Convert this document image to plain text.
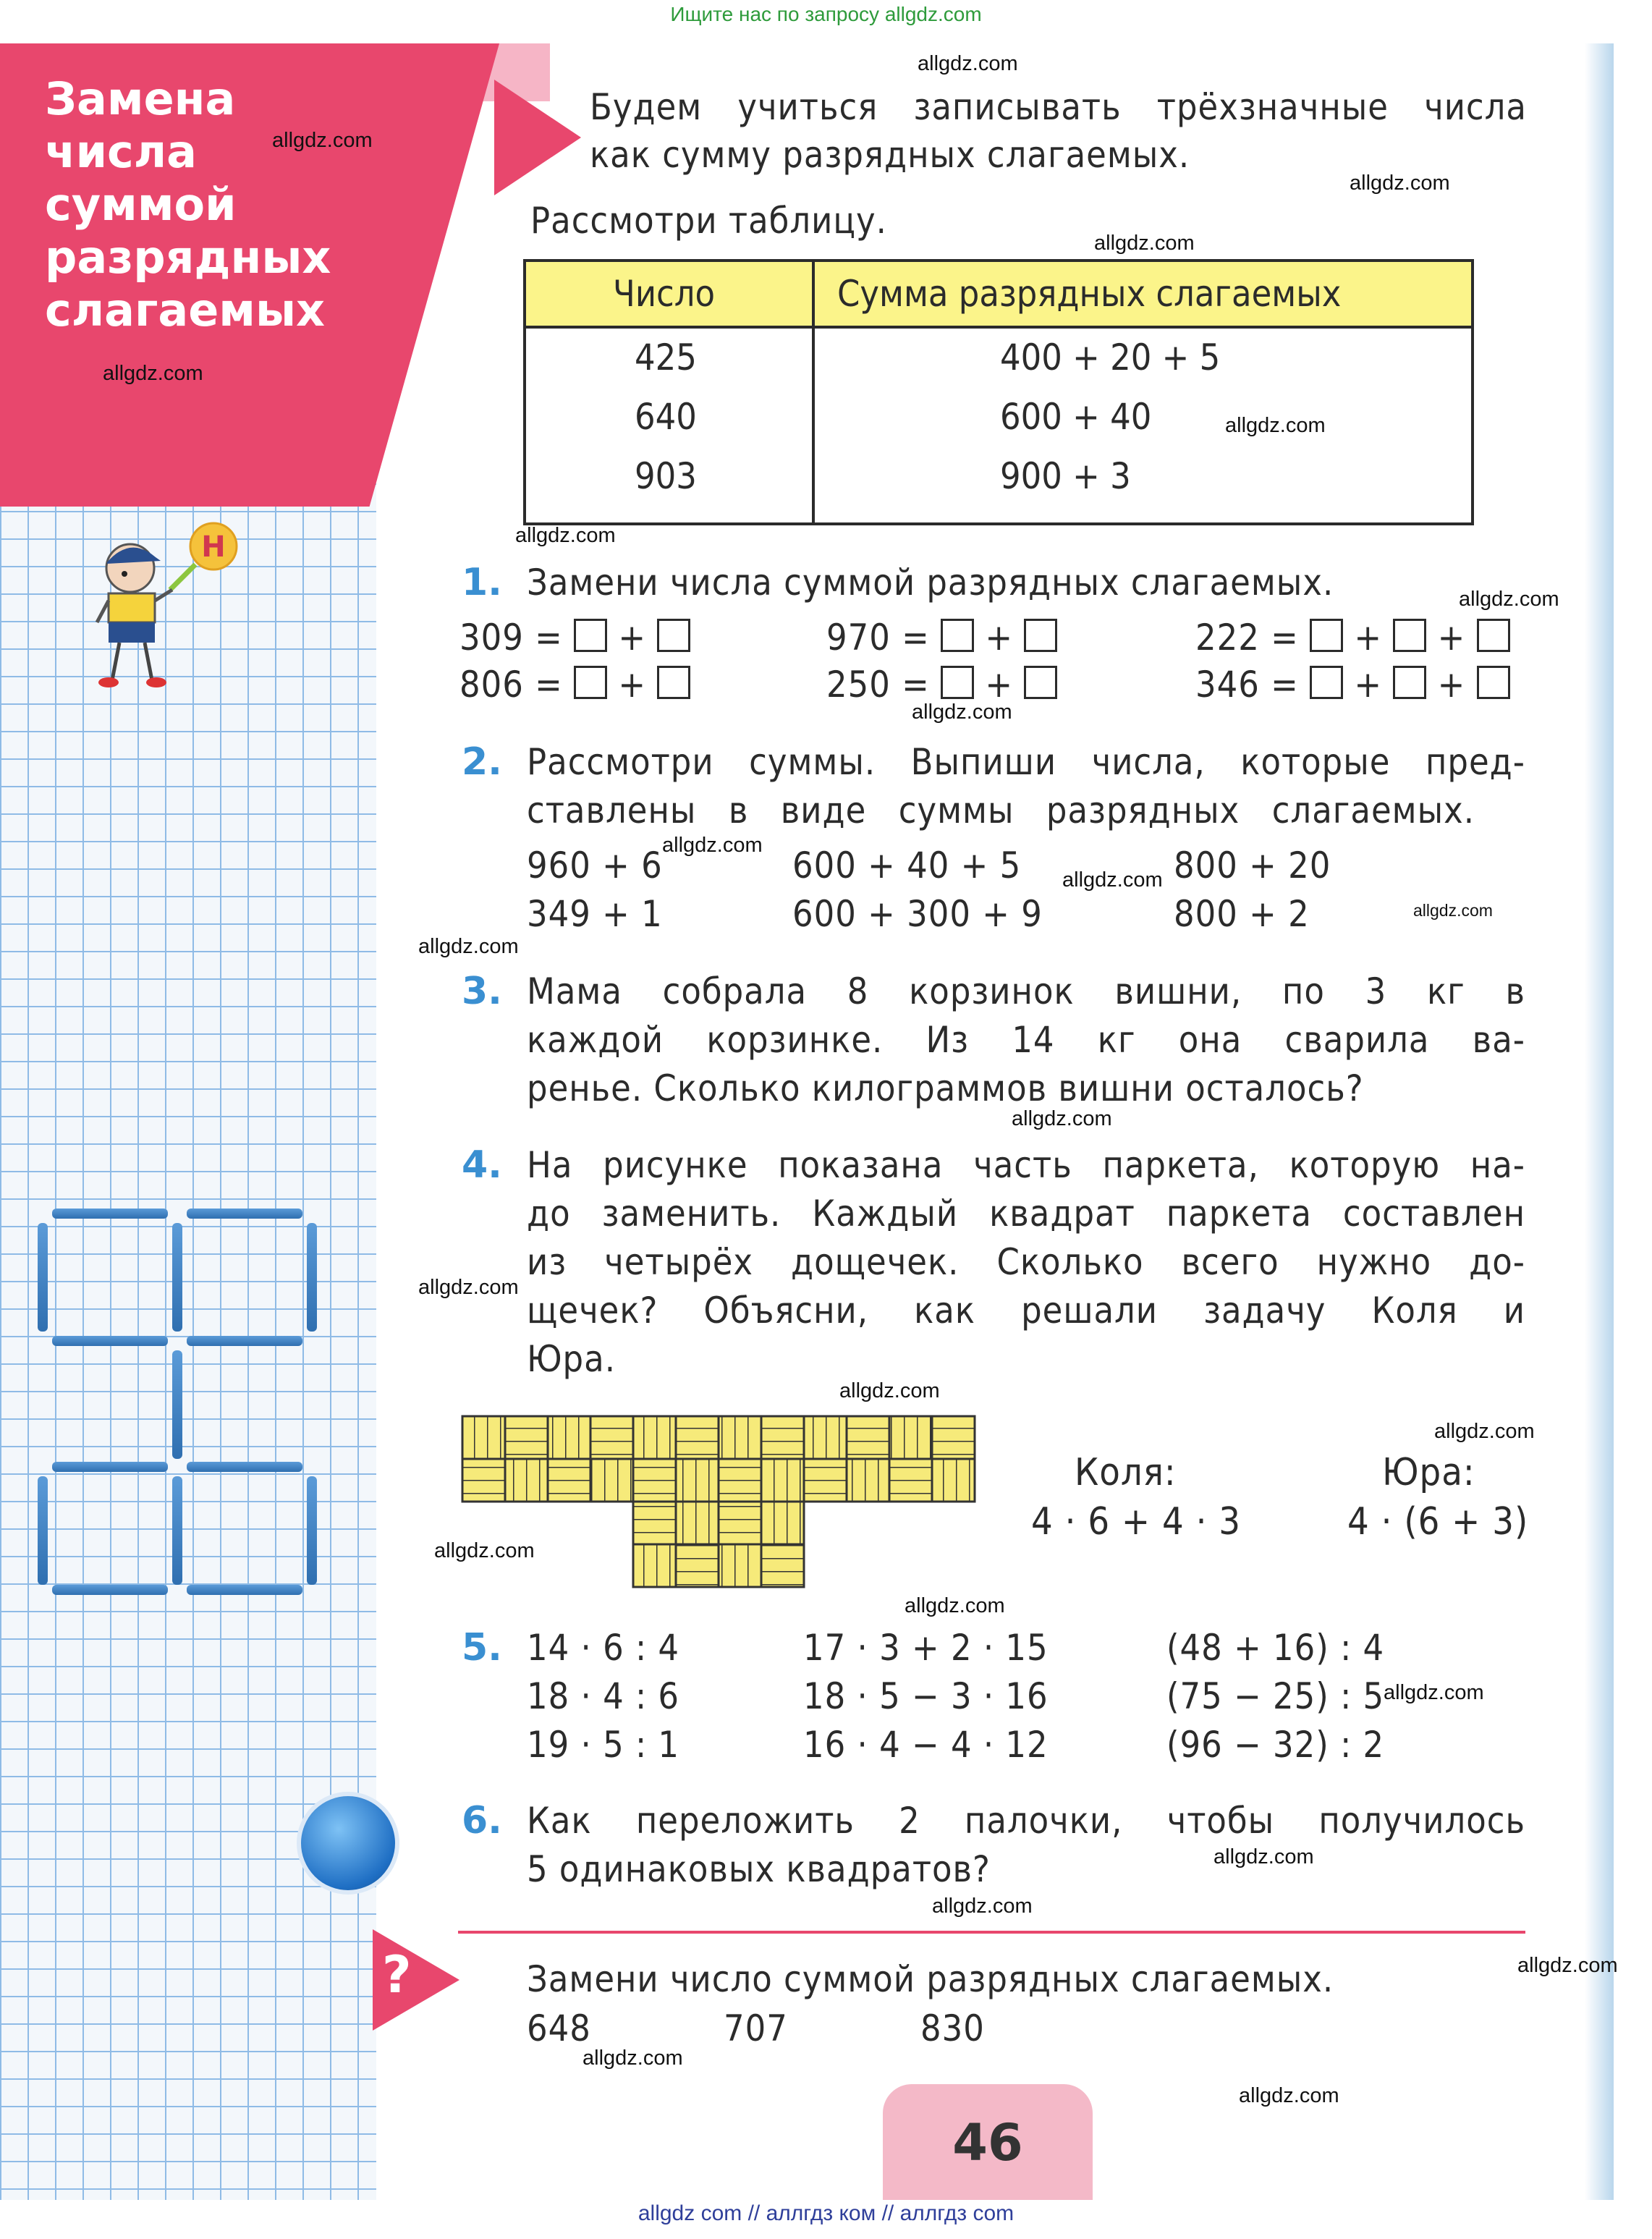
Ищите нас по запросу allgdz.com
Замена
числа
суммой
разрядных
слагаемых
Н
Будем учиться записывать трёхзначные числа
как сумму разрядных слагаемых.
Рассмотри таблицу.
Число	Сумма разрядных слагаемых
425	400 + 20 + 5
640	600 + 40
903	900 + 3
1. Замени числа суммой разрядных слагаемых.
309 =  +
806 =  +
970 =  +
250 =  +
222 =  +  +
346 =  +  +
2. Рассмотри суммы. Выпиши числа, которые пред-
ставлены в виде суммы разрядных слагаемых.
960 + 6
349 + 1
600 + 40 + 5
600 + 300 + 9
800 + 20
800 + 2
3. Мама собрала 8 корзинок вишни, по 3 кг в
каждой корзинке. Из 14 кг она сварила ва-
ренье. Сколько килограммов вишни осталось?
4. На рисунке показана часть паркета, которую на-
до заменить. Каждый квадрат паркета составлен
из четырёх дощечек. Сколько всего нужно до-
щечек? Объясни, как решали задачу Коля и
Юра.
Коля:
4 · 6 + 4 · 3
Юра:
4 · (6 + 3)
5. 14 · 6 : 4
18 · 4 : 6
19 · 5 : 1
17 · 3 + 2 · 15
18 · 5 − 3 · 16
16 · 4 − 4 · 12
(48 + 16) : 4
(75 − 25) : 5
(96 − 32) : 2
6. Как переложить 2 палочки, чтобы получилось
5 одинаковых квадратов?
?	Замени число суммой разрядных слагаемых.
648	707	830
46
allgdz.com
allgdz.com
allgdz.com
allgdz.com
allgdz.com
allgdz.com
allgdz.com
allgdz.com
allgdz.com
allgdz.com
allgdz.com
allgdz.com
allgdz.com
allgdz.com
allgdz.com
allgdz.com
allgdz.com
allgdz.com
allgdz.com
allgdz.com
allgdz.com
allgdz.com
allgdz.com
allgdz.com
allgdz.com
allgdz com // аллгдз ком // аллгдз com
